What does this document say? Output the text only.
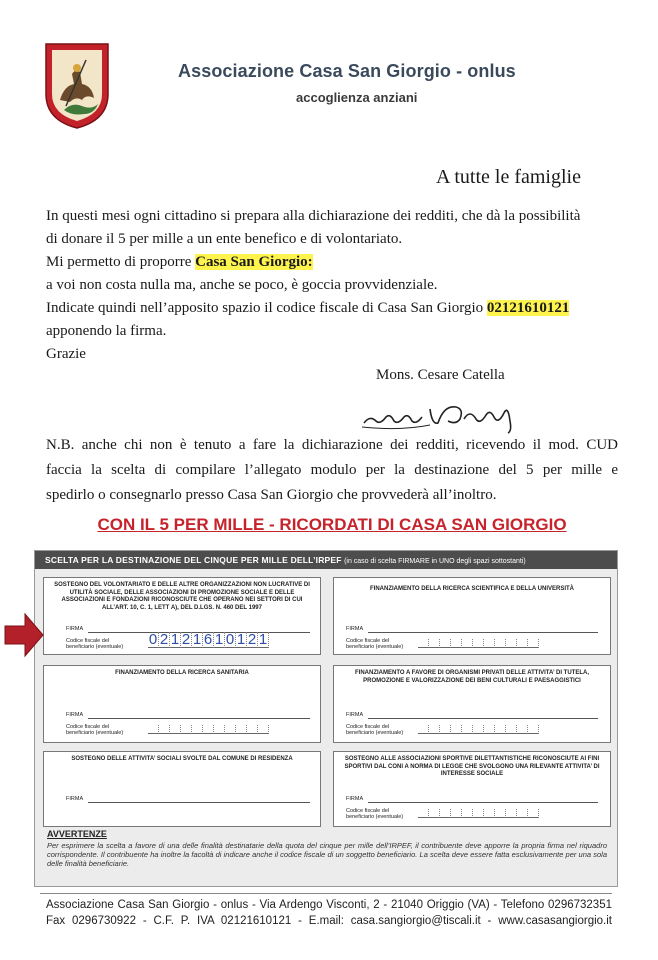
Associazione Casa San Giorgio - onlus
accoglienza anziani
A tutte le famiglie
In questi mesi ogni cittadino si prepara alla dichiarazione dei redditi, che dà la possibilità
di donare il 5 per mille a un ente benefico e di volontariato.
Mi permetto di proporre Casa San Giorgio:
a voi non costa nulla ma, anche se poco, è goccia provvidenziale.
Indicate quindi nell’apposito spazio il codice fiscale di Casa San Giorgio 02121610121
apponendo la firma.
Grazie
Mons. Cesare Catella
N.B. anche chi non è tenuto a fare la dichiarazione dei redditi, ricevendo il mod. CUD
faccia la scelta di compilare l’allegato modulo per la destinazione del 5 per mille e
spedirlo o consegnarlo presso Casa San Giorgio che provvederà all’inoltro.
CON IL 5 PER MILLE - RICORDATI DI CASA SAN GIORGIO
SCELTA PER LA DESTINAZIONE DEL CINQUE PER MILLE DELL’IRPEF (in caso di scelta FIRMARE in UNO degli spazi sottostanti)
SOSTEGNO DEL VOLONTARIATO E DELLE ALTRE ORGANIZZAZIONI NON LUCRATIVE DI UTILITÀ SOCIALE, DELLE ASSOCIAZIONI DI PROMOZIONE SOCIALE E DELLE ASSOCIAZIONI E FONDAZIONI RICONOSCIUTE CHE OPERANO NEI SETTORI DI CUI ALL’ART. 10, C. 1, LETT A), DEL D.LGS. N. 460 DEL 1997
FIRMA
Codice fiscale del
beneficiario (eventuale) 0 2 1 2 1 6 1 0 1 2 1
FINANZIAMENTO DELLA RICERCA SCIENTIFICA E DELLA UNIVERSITÀ
FIRMA
Codice fiscale del
beneficiario (eventuale)
FINANZIAMENTO DELLA RICERCA SANITARIA
FIRMA
Codice fiscale del
beneficiario (eventuale)
FINANZIAMENTO A FAVORE DI ORGANISMI PRIVATI DELLE ATTIVITA’ DI TUTELA, PROMOZIONE E VALORIZZAZIONE DEI BENI CULTURALI E PAESAGGISTICI
FIRMA
Codice fiscale del
beneficiario (eventuale)
SOSTEGNO DELLE ATTIVITA’ SOCIALI SVOLTE DAL COMUNE DI RESIDENZA
FIRMA
SOSTEGNO ALLE ASSOCIAZIONI SPORTIVE DILETTANTISTICHE RICONOSCIUTE AI FINI SPORTIVI DAL CONI A NORMA DI LEGGE CHE SVOLGONO UNA RILEVANTE ATTIVITA’ DI INTERESSE SOCIALE
FIRMA
Codice fiscale del
beneficiario (eventuale)
AVVERTENZE
Per esprimere la scelta a favore di una delle finalità destinatarie della quota del cinque per mille dell’IRPEF, il contribuente deve apporre la propria firma nel riquadro corrispondente. Il contribuente ha inoltre la facoltà di indicare anche il codice fiscale di un soggetto beneficiario. La scelta deve essere fatta esclusivamente per una sola delle finalità beneficiarie.
Associazione Casa San Giorgio - onlus - Via Ardengo Visconti, 2 - 21040 Origgio (VA) - Telefono 0296732351
Fax 0296730922 - C.F. P. IVA 02121610121 - E.mail: casa.sangiorgio@tiscali.it - www.casasangiorgio.it
